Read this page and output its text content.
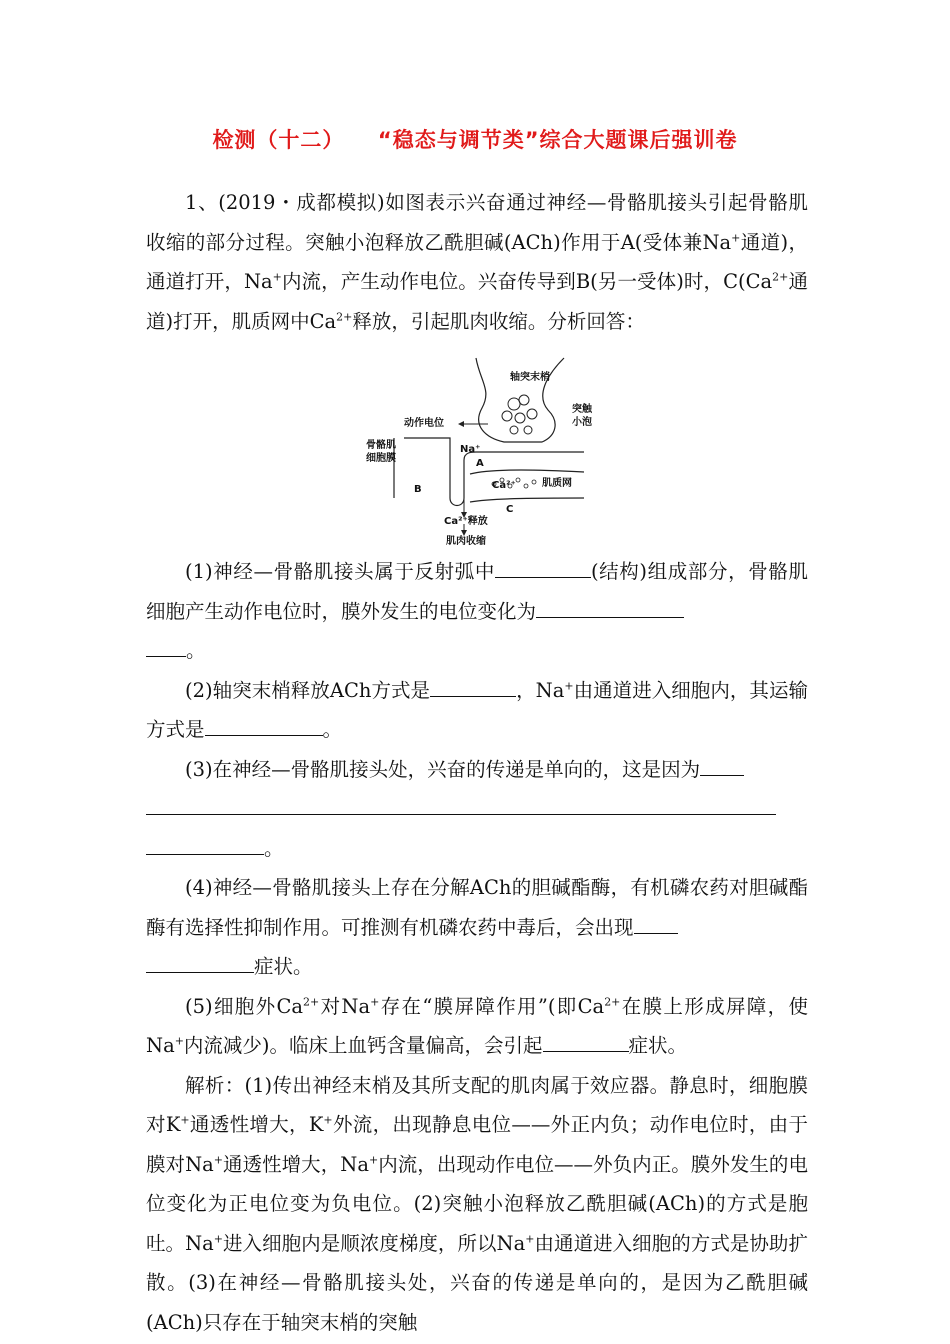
检测（十二）　　“稳态与调节类”综合大题课后强训卷

1、(2019・成都模拟)如图表示兴奋通过神经—骨骼肌接头引起骨骼肌收缩的部分过程。突触小泡释放乙酰胆碱(ACh)作用于A(受体兼Na+通道)，通道打开，Na+内流，产生动作电位。兴奋传导到B(另一受体)时，$C(Ca^{2+}$通道)打开，肌质网中$Ca^{2+}$释放，引起肌肉收缩。分析回答：

轴突末梢
突触
小泡
动作电位
骨骼肌
细胞膜
Na⁺
A
B	Ca²⁺	肌质网
C
Ca²⁺释放
肌肉收缩

(1)神经—骨骼肌接头属于反射弧中	(结构)组成部分，骨骼肌细胞产生动作电位时，膜外发生的电位变化为
。

(2)轴突末梢释放ACh方式是	，Na+由通道进入细胞内，其运输方式是	。

(3)在神经—骨骼肌接头处，兴奋的传递是单向的，这是因为

。

(4)神经—骨骼肌接头上存在分解ACh的胆碱酯酶，有机磷农药对胆碱酯酶有选择性抑制作用。可推测有机磷农药中毒后，会出现
症状。

(5)细胞外$Ca^{2+}$对Na+存在“膜屏障作用”(即$Ca^{2+}$在膜上形成屏障，使Na+内流减少)。临床上血钙含量偏高，会引起	症状。

解析：(1)传出神经末梢及其所支配的肌肉属于效应器。静息时，细胞膜对K+通透性增大，K+外流，出现静息电位——外正内负；动作电位时，由于膜对Na+通透性增大，Na+内流，出现动作电位——外负内正。膜外发生的电位变化为正电位变为负电位。(2)突触小泡释放乙酰胆碱(ACh)的方式是胞吐。Na+进入细胞内是顺浓度梯度，所以Na+由通道进入细胞的方式是协助扩散。(3)在神经—骨骼肌接头处，兴奋的传递是单向的，是因为乙酰胆碱(ACh)只存在于轴突末梢的突触
